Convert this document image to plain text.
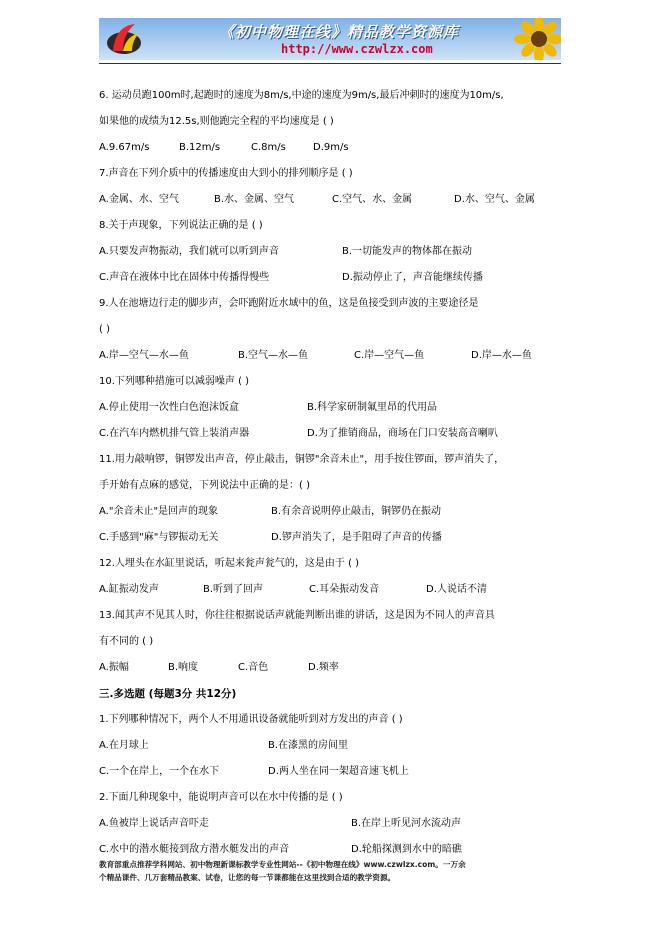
《初中物理在线》精品教学资源库
http://www.czwlzx.com
6. 运动员跑100m时,起跑时的速度为8m/s,中途的速度为9m/s,最后冲刺时的速度为10m/s,
如果他的成绩为12.5s,则他跑完全程的平均速度是 ( )
A.9.67m/s	B.12m/s	C.8m/s	D.9m/s
7.声音在下列介质中的传播速度由大到小的排列顺序是 ( )
A.金属、水、空气	B.水、金属、空气	C.空气、水、金属	D.水、空气、金属
8.关于声现象，下列说法正确的是 ( )
A.只要发声物振动，我们就可以听到声音	B.一切能发声的物体都在振动
C.声音在液体中比在固体中传播得慢些	D.振动停止了，声音能继续传播
9.人在池塘边行走的脚步声，会吓跑附近水域中的鱼，这是鱼接受到声波的主要途径是
( )
A.岸—空气—水—鱼	B.空气—水—鱼	C.岸—空气—鱼	D.岸—水—鱼
10.下列哪种措施可以减弱噪声 ( )
A.停止使用一次性白色泡沫饭盒	B.科学家研制氟里昂的代用品
C.在汽车内燃机排气管上装消声器	D.为了推销商品，商场在门口安装高音喇叭
11.用力敲响锣，铜锣发出声音，停止敲击，铜锣"余音未止"，用手按住锣面，锣声消失了，
手开始有点麻的感觉，下列说法中正确的是：( )
A."余音未止"是回声的现象	B.有余音说明停止敲击，铜锣仍在振动
C.手感到"麻"与锣振动无关	D.锣声消失了，是手阻碍了声音的传播
12.人埋头在水缸里说话，听起来瓮声瓮气的，这是由于 ( )
A.缸振动发声	B.听到了回声	C.耳朵振动发音	D.人说话不清
13.闻其声不见其人时，你往往根据说话声就能判断出谁的讲话，这是因为不同人的声音具
有不同的 ( )
A.振幅	B.响度	C.音色	D.频率
三.多选题 (每题3分 共12分)
1.下列哪种情况下，两个人不用通讯设备就能听到对方发出的声音 ( )
A.在月球上	B.在漆黑的房间里
C.一个在岸上，一个在水下	D.两人坐在同一架超音速飞机上
2.下面几种现象中，能说明声音可以在水中传播的是 ( )
A.鱼被岸上说话声音吓走	B.在岸上听见河水流动声
C.水中的潜水艇接到敌方潜水艇发出的声音	D.轮船探测到水中的暗礁
教育部重点推荐学科网站、初中物理新课标教学专业性网站--《初中物理在线》www.czwlzx.com。一万余
个精品课件、几万套精品教案、试卷，让您的每一节课都能在这里找到合适的教学资源。
